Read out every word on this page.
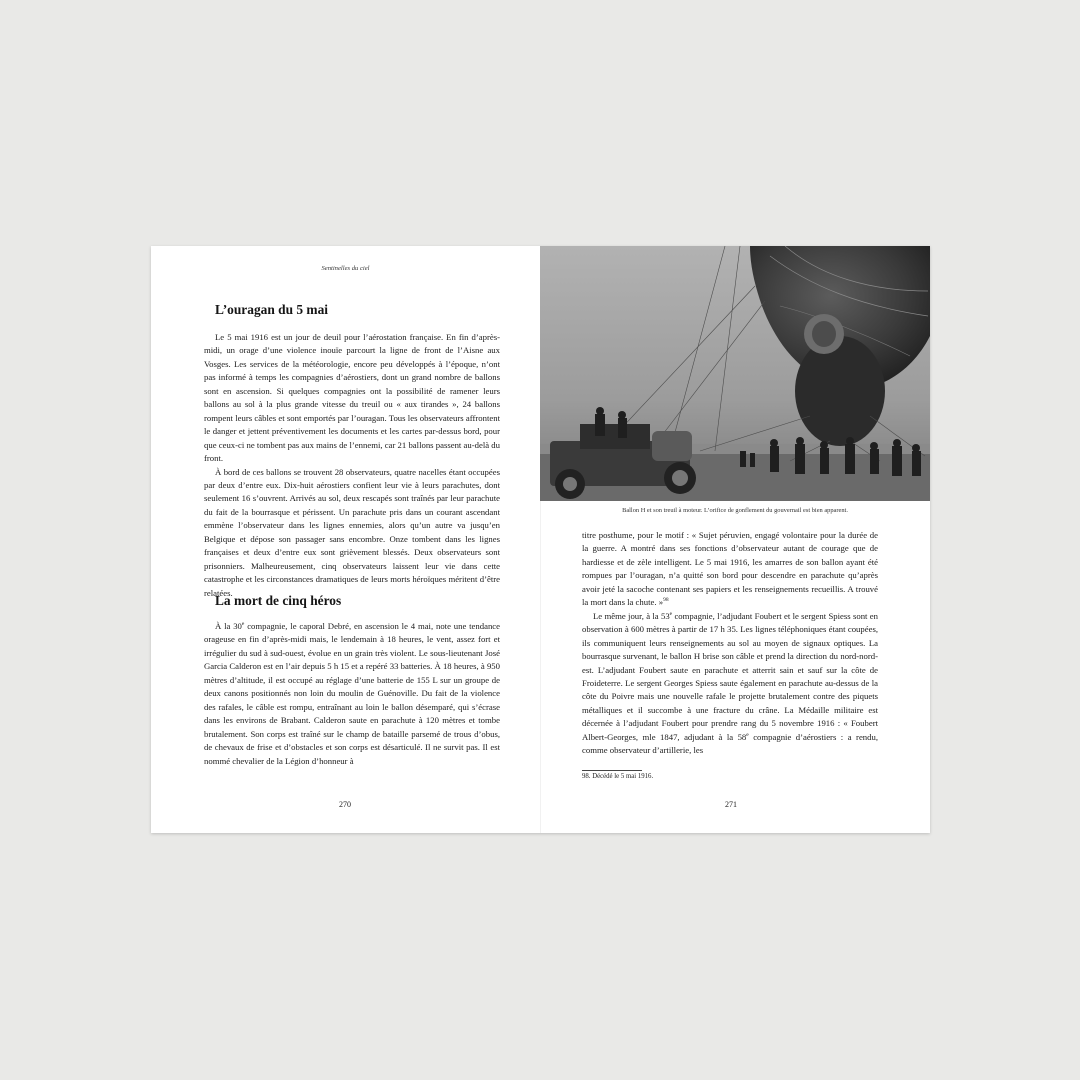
Sentinelles du ciel
L’ouragan du 5 mai

Le 5 mai 1916 est un jour de deuil pour l’aérostation française. En fin d’après-midi, un orage d’une violence inouïe parcourt la ligne de front de l’Aisne aux Vosges. Les services de la météorologie, encore peu développés à l’époque, n’ont pas informé à temps les compagnies d’aérostiers, dont un grand nombre de ballons sont en ascension. Si quelques compagnies ont la possibilité de ramener leurs ballons au sol à la plus grande vitesse du treuil ou « aux tirandes », 24 ballons rompent leurs câbles et sont emportés par l’ouragan. Tous les observateurs affrontent le danger et jettent préventivement les documents et les cartes par-dessus bord, pour que ceux-ci ne tombent pas aux mains de l’ennemi, car 21 ballons passent au-delà du front.

À bord de ces ballons se trouvent 28 observateurs, quatre nacelles étant occupées par deux d’entre eux. Dix-huit aérostiers confient leur vie à leurs parachutes, dont seulement 16 s’ouvrent. Arrivés au sol, deux rescapés sont traînés par leur parachute du fait de la bourrasque et périssent. Un parachute pris dans un courant ascendant emmène l’observateur dans les lignes ennemies, alors qu’un autre va jusqu’en Belgique et dépose son passager sans encombre. Onze tombent dans les lignes françaises et deux d’entre eux sont grièvement blessés. Deux observateurs sont prisonniers. Malheureusement, cinq observateurs laissent leur vie dans cette catastrophe et les circonstances dramatiques de leurs morts héroïques méritent d’être relatées.

La mort de cinq héros

À la 30e compagnie, le caporal Debré, en ascension le 4 mai, note une tendance orageuse en fin d’après-midi mais, le lendemain à 18 heures, le vent, assez fort et irrégulier du sud à sud-ouest, évolue en un grain très violent. Le sous-lieutenant José Garcia Calderon est en l’air depuis 5 h 15 et a repéré 33 batteries. À 18 heures, à 950 mètres d’altitude, il est occupé au réglage d’une batterie de 155 L sur un groupe de deux canons positionnés non loin du moulin de Guénoville. Du fait de la violence des rafales, le câble est rompu, entraînant au loin le ballon désemparé, qui s’écrase dans les environs de Brabant. Calderon saute en parachute à 120 mètres et tombe brutalement. Son corps est traîné sur le champ de bataille parsemé de trous d’obus, de chevaux de frise et d’obstacles et son corps est désarticulé. Il ne survit pas. Il est nommé chevalier de la Légion d’honneur à

270
Ballon H et son treuil à moteur. L’orifice de gonflement du gouvernail est bien apparent.

titre posthume, pour le motif : « Sujet péruvien, engagé volontaire pour la durée de la guerre. A montré dans ses fonctions d’observateur autant de courage que de hardiesse et de zèle intelligent. Le 5 mai 1916, les amarres de son ballon ayant été rompues par l’ouragan, n’a quitté son bord pour descendre en parachute qu’après avoir jeté la sacoche contenant ses papiers et les renseignements recueillis. A trouvé la mort dans la chute. »$^{98}$

Le même jour, à la 53e compagnie, l’adjudant Foubert et le sergent Spiess sont en observation à 600 mètres à partir de 17 h 35. Les lignes téléphoniques étant coupées, ils communiquent leurs renseignements au sol au moyen de signaux optiques. La bourrasque survenant, le ballon H brise son câble et prend la direction du nord-nord-est. L’adjudant Foubert saute en parachute et atterrit sain et sauf sur la côte de Froideterre. Le sergent Georges Spiess saute également en parachute au-dessus de la côte du Poivre mais une nouvelle rafale le projette brutalement contre des piquets métalliques et il succombe à une fracture du crâne. La Médaille militaire est décernée à l’adjudant Foubert pour prendre rang du 5 novembre 1916 : « Foubert Albert-Georges, mle 1847, adjudant à la 58e compagnie d’aérostiers : a rendu, comme observateur d’artillerie, les

98. Décédé le 5 mai 1916.
271
